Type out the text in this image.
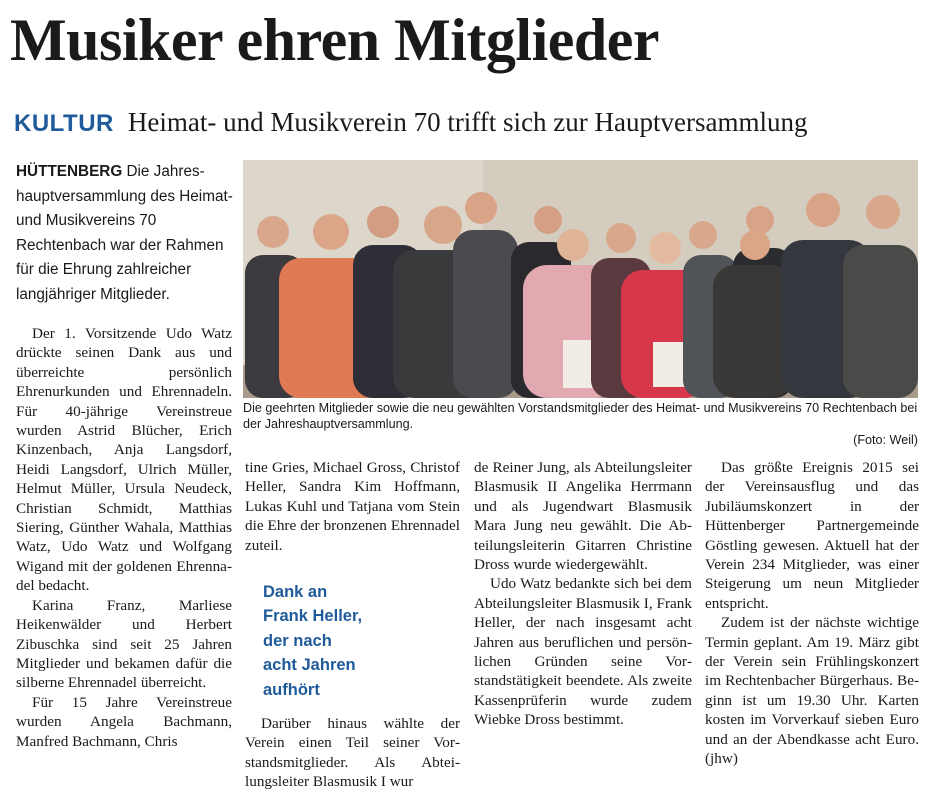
Musiker ehren Mitglieder
KULTUR Heimat- und Musikverein 70 trifft sich zur Hauptversammlung
HÜTTENBERG Die Jahreshauptversammlung des Heimat- und Musikvereins 70 Rechtenbach war der Rahmen für die Ehrung zahlreicher langjähriger Mitglieder.
Die geehrten Mitglieder sowie die neu gewählten Vorstandsmitglieder des Heimat- und Musikvereins 70 Rechtenbach bei der Jahreshauptversammlung.
(Foto: Weil)

Der 1. Vorsitzende Udo Watz drückte seinen Dank aus und überreichte persönlich Ehrenurkunden und Ehrennadeln. Für 40-jährige Vereinstreue wurden Astrid Blücher, Erich Kinzenbach, Anja Langsdorf, Heidi Langsdorf, Ulrich Müller, Helmut Müller, Ursula Neudeck, Christian Schmidt, Matthias Siering, Günther Wahala, Matthias Watz, Udo Watz und Wolfgang Wigand mit der goldenen Ehrennadel bedacht.

Karina Franz, Marliese Heikenwälder und Herbert Zibuschka sind seit 25 Jahren Mitglieder und bekamen dafür die silberne Ehrennadel überreicht.

Für 15 Jahre Vereinstreue wurden Angela Bachmann, Manfred Bachmann, Chris

tine Gries, Michael Gross, Christof Heller, Sandra Kim Hoffmann, Lukas Kuhl und Tatjana vom Stein die Ehre der bronzenen Ehrennadel zuteil.

Dank an
Frank Heller,
der nach
acht Jahren
aufhört

Darüber hinaus wählte der Verein einen Teil seiner Vorstandsmitglieder. Als Abteilungsleiter Blasmusik I wur

de Reiner Jung, als Abteilungsleiter Blasmusik II Angelika Herrmann und als Jugendwart Blasmusik Mara Jung neu gewählt. Die Abteilungsleiterin Gitarren Christine Dross wurde wiedergewählt.

Udo Watz bedankte sich bei dem Abteilungsleiter Blasmusik I, Frank Heller, der nach insgesamt acht Jahren aus beruflichen und persönlichen Gründen seine Vorstandstätigkeit beendete. Als zweite Kassenprüferin wurde zudem Wiebke Dross bestimmt.

Das größte Ereignis 2015 sei der Vereinsausflug und das Jubiläumskonzert in der Hüttenberger Partnergemeinde Göstling gewesen. Aktuell hat der Verein 234 Mitglieder, was einer Steigerung um neun Mitglieder entspricht.

Zudem ist der nächste wichtige Termin geplant. Am 19. März gibt der Verein sein Frühlingskonzert im Rechtenbacher Bürgerhaus. Beginn ist um 19.30 Uhr. Karten kosten im Vorverkauf sieben Euro und an der Abendkasse acht Euro. (jhw)
